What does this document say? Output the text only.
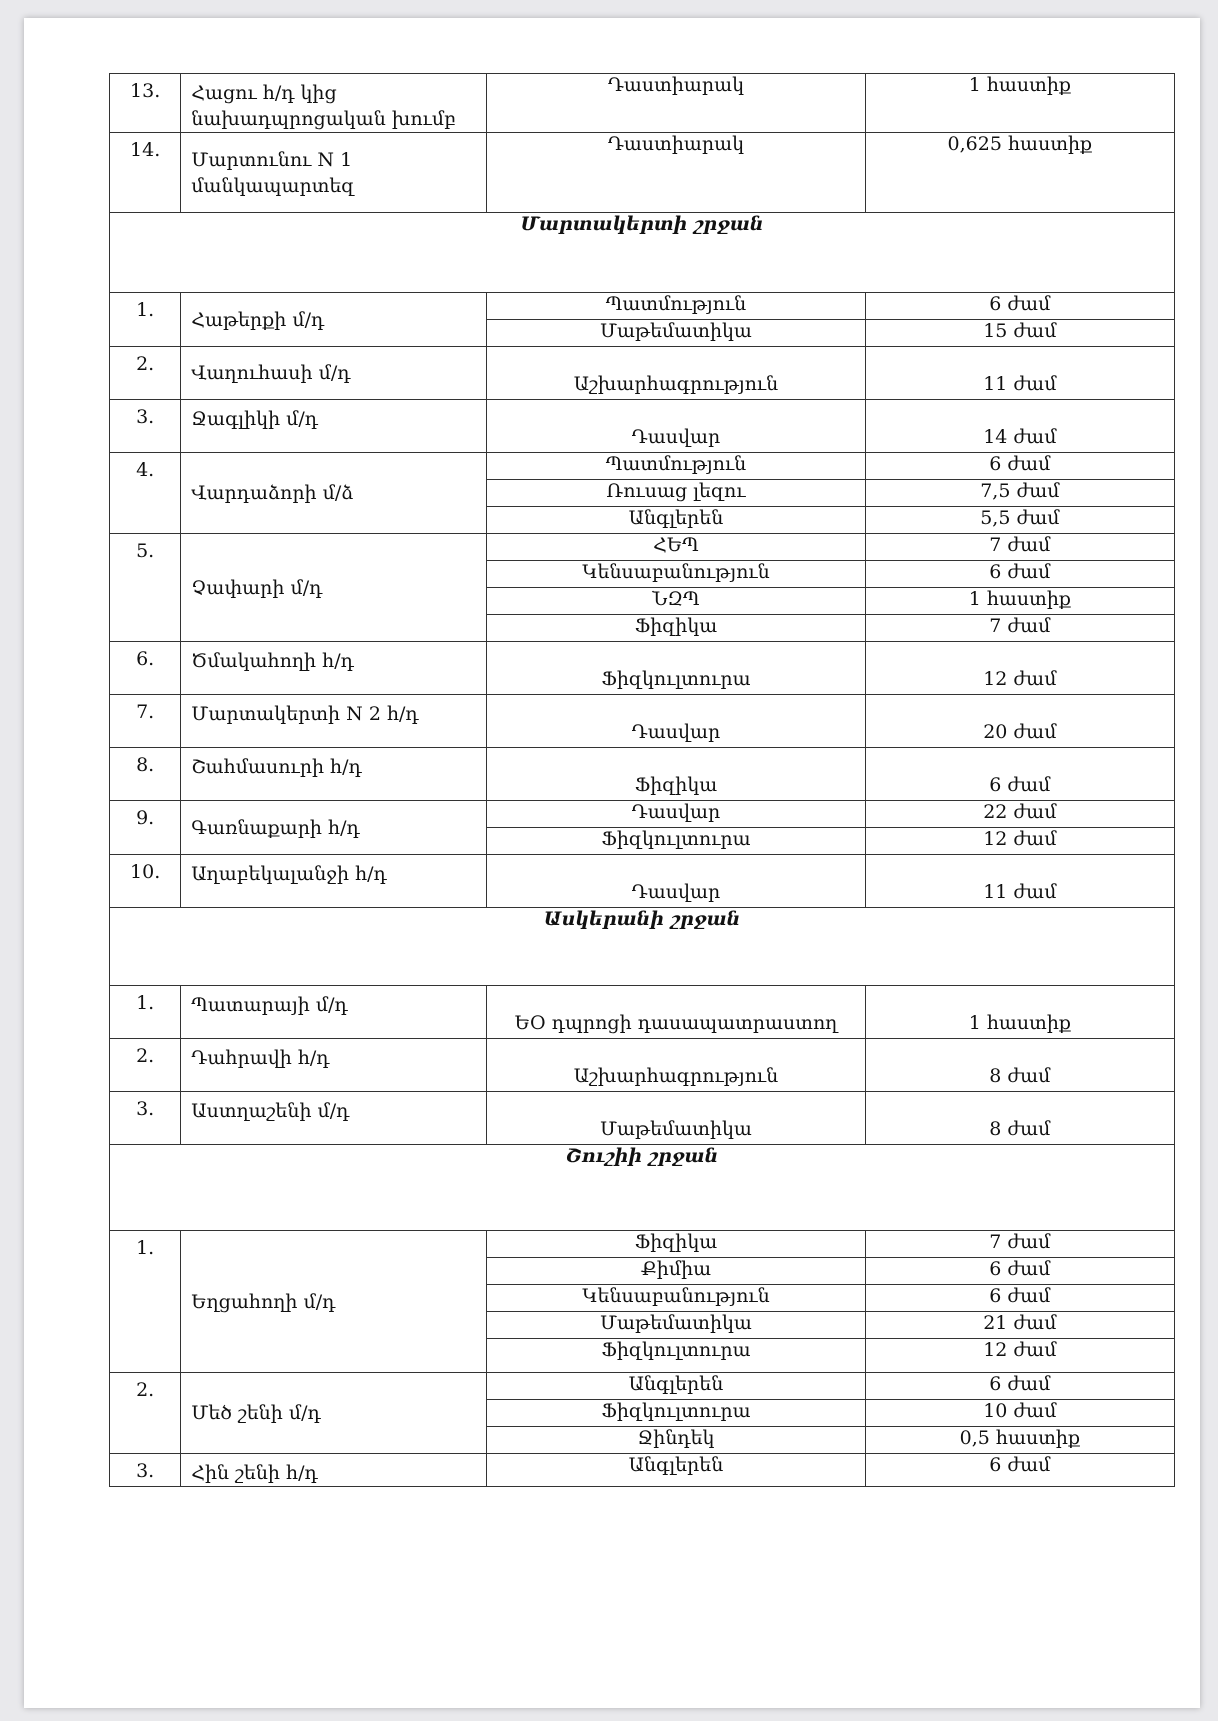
13.	Հացու հ/դ կից նախադպրոցական խումբ	Դաստիարակ	1 հաստիք
14.	Մարտունու N 1 մանկապարտեզ	Դաստիարակ	0,625 հաստիք
Մարտակերտի շրջան			
1.	Հաթերքի մ/դ	Պատմություն	6 ժամ
		Մաթեմատիկա	15 ժամ
2.	Վաղուհասի մ/դ	Աշխարհագրություն	11 ժամ
3.	Ջագլիկի մ/դ	Դասվար	14 ժամ
4.	Վարդաձորի մ/ձ	Պատմություն	6 ժամ
		Ռուսաց լեզու	7,5 ժամ
		Անգլերեն	5,5 ժամ
5.	Չափարի մ/դ	ՀԵՊ	7 ժամ
		Կենսաբանություն	6 ժամ
		ՆԶՊ	1 հաստիք
		Ֆիզիկա	7 ժամ
6.	Ծմակահողի հ/դ	Ֆիզկուլտուրա	12 ժամ
7.	Մարտակերտի N 2 հ/դ	Դասվար	20 ժամ
8.	Շահմասուրի հ/դ	Ֆիզիկա	6 ժամ
9.	Գառնաքարի հ/դ	Դասվար	22 ժամ
		Ֆիզկուլտուրա	12 ժամ
10.	Աղաբեկալանջի հ/դ	Դասվար	11 ժամ
Ասկերանի շրջան			
1.	Պատարայի մ/դ	ԵՕ դպրոցի դասապատրաստող	1 հաստիք
2.	Դահրավի հ/դ	Աշխարհագրություն	8 ժամ
3.	Աստղաշենի մ/դ	Մաթեմատիկա	8 ժամ
Շուշիի շրջան			
1.	Եղցահողի մ/դ	Ֆիզիկա	7 ժամ
		Քիմիա	6 ժամ
		Կենսաբանություն	6 ժամ
		Մաթեմատիկա	21 ժամ
		Ֆիզկուլտուրա	12 ժամ
2.	Մեծ շենի մ/դ	Անգլերեն	6 ժամ
		Ֆիզկուլտուրա	10 ժամ
		Ջինդեկ	0,5 հաստիք
3.	Հին շենի հ/դ	Անգլերեն	6 ժամ
